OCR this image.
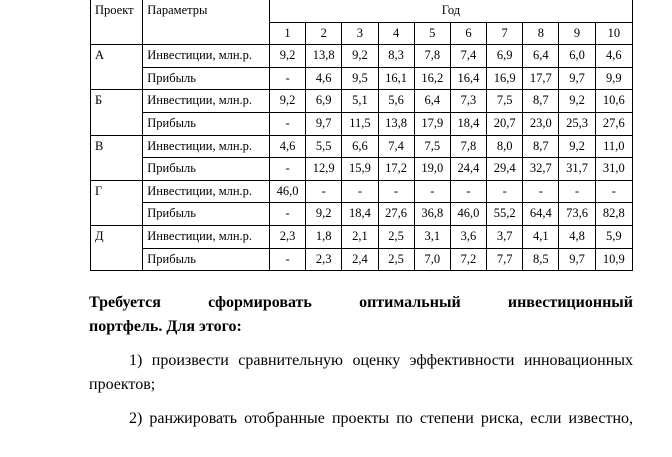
Проект	Параметры	Год									
		1	2	3	4	5	6	7	8	9	10
А	Инвестиции, млн.р.	9,2	13,8	9,2	8,3	7,8	7,4	6,9	6,4	6,0	4,6
	Прибыль	-	4,6	9,5	16,1	16,2	16,4	16,9	17,7	9,7	9,9
Б	Инвестиции, млн.р.	9,2	6,9	5,1	5,6	6,4	7,3	7,5	8,7	9,2	10,6
	Прибыль	-	9,7	11,5	13,8	17,9	18,4	20,7	23,0	25,3	27,6
В	Инвестиции, млн.р.	4,6	5,5	6,6	7,4	7,5	7,8	8,0	8,7	9,2	11,0
	Прибыль	-	12,9	15,9	17,2	19,0	24,4	29,4	32,7	31,7	31,0
Г	Инвестиции, млн.р.	46,0	-	-	-	-	-	-	-	-	-
	Прибыль	-	9,2	18,4	27,6	36,8	46,0	55,2	64,4	73,6	82,8
Д	Инвестиции, млн.р.	2,3	1,8	2,1	2,5	3,1	3,6	3,7	4,1	4,8	5,9
	Прибыль	-	2,3	2,4	2,5	7,0	7,2	7,7	8,5	9,7	10,9
Требуется сформировать оптимальный инвестиционный
портфель. Для этого:
1) произвести сравнительную оценку эффективности инновационных
проектов;
2) ранжировать отобранные проекты по степени риска, если известно,
